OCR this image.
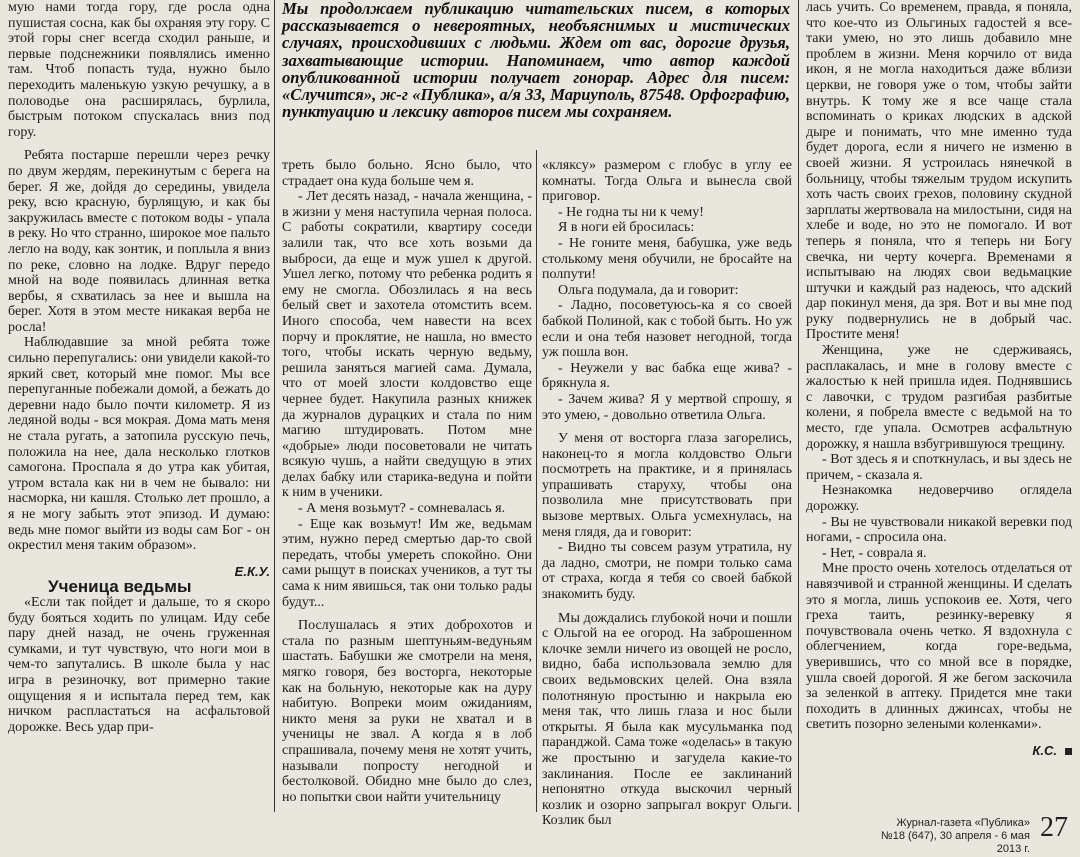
Мы продолжаем публикацию читательских писем, в которых рассказывается о невероятных, необъяснимых и мистических случаях, происходивших с людьми. Ждем от вас, дорогие друзья, захватывающие истории. Напоминаем, что автор каждой опубликованной истории получает гонорар. Адрес для писем: «Случится», ж-г «Публика», а/я 33, Мариуполь, 87548. Орфографию, пунктуацию и лексику авторов писем мы сохраняем.

мую нами тогда гору, где росла одна пушистая сосна, как бы охраняя эту гору. С этой горы снег всегда сходил раньше, и первые подснежники появлялись именно там. Чтоб попасть туда, нужно было переходить маленькую узкую речушку, а в половодье она расширялась, бурлила, быстрым потоком спускалась вниз под гору.

Ребята постарше перешли через речку по двум жердям, перекинутым с берега на берег. Я же, дойдя до середины, увидела реку, всю красную, бурлящую, и как бы закружилась вместе с потоком воды - упала в реку. Но что странно, широкое мое пальто легло на воду, как зонтик, и поплыла я вниз по реке, словно на лодке. Вдруг передо мной на воде появилась длинная ветка вербы, я схватилась за нее и вышла на берег. Хотя в этом месте никакая верба не росла!

Наблюдавшие за мной ребята тоже сильно перепугались: они увидели какой-то яркий свет, который мне помог. Мы все перепуганные побежали домой, а бежать до деревни надо было почти километр. Я из ледяной воды - вся мокрая. Дома мать меня не стала ругать, а затопила русскую печь, положила на нее, дала несколько глотков самогона. Проспала я до утра как убитая, утром встала как ни в чем не бывало: ни насморка, ни кашля. Столько лет прошло, а я не могу забыть этот эпизод. И думаю: ведь мне помог выйти из воды сам Бог - он окрестил меня таким образом».

Е.К.У.

Ученица ведьмы

«Если так пойдет и дальше, то я скоро буду бояться ходить по улицам. Иду себе пару дней назад, не очень груженная сумками, и тут чувствую, что ноги мои в чем-то запутались. В школе была у нас игра в резиночку, вот примерно такие ощущения я и испытала перед тем, как ничком распластаться на асфальтовой дорожке. Весь удар при-

треть было больно. Ясно было, что страдает она куда больше чем я.

- Лет десять назад, - начала женщина, - в жизни у меня наступила черная полоса. С работы сократили, квартиру соседи залили так, что все хоть возьми да выброси, да еще и муж ушел к другой. Ушел легко, потому что ребенка родить я ему не смогла. Обозлилась я на весь белый свет и захотела отомстить всем. Иного способа, чем навести на всех порчу и проклятие, не нашла, но вместо того, чтобы искать черную ведьму, решила заняться магией сама. Думала, что от моей злости колдовство еще чернее будет. Накупила разных книжек да журналов дурацких и стала по ним магию штудировать. Потом мне «добрые» люди посоветовали не читать всякую чушь, а найти сведущую в этих делах бабку или старика-ведуна и пойти к ним в ученики.

- А меня возьмут? - сомневалась я.

- Еще как возьмут! Им же, ведьмам этим, нужно перед смертью дар-то свой передать, чтобы умереть спокойно. Они сами рыщут в поисках учеников, а тут ты сама к ним явишься, так они только рады будут...

Послушалась я этих доброхотов и стала по разным шептуньям-ведуньям шастать. Бабушки же смотрели на меня, мягко говоря, без восторга, некоторые как на больную, некоторые как на дуру набитую. Вопреки моим ожиданиям, никто меня за руки не хватал и в ученицы не звал. А когда я в лоб спрашивала, почему меня не хотят учить, называли попросту негодной и бестолковой. Обидно мне было до слез, но попытки свои найти учительницу

«кляксу» размером с глобус в углу ее комнаты. Тогда Ольга и вынесла свой приговор.

- Не годна ты ни к чему!

Я в ноги ей бросилась:

- Не гоните меня, бабушка, уже ведь столькому меня обучили, не бросайте на полпути!

Ольга подумала, да и говорит:

- Ладно, посоветуюсь-ка я со своей бабкой Полиной, как с тобой быть. Но уж если и она тебя назовет негодной, тогда уж пошла вон.

- Неужели у вас бабка еще жива? - брякнула я.

- Зачем жива? Я у мертвой спрошу, я это умею, - довольно ответила Ольга.

У меня от восторга глаза загорелись, наконец-то я могла колдовство Ольги посмотреть на практике, и я принялась упрашивать старуху, чтобы она позволила мне присутствовать при вызове мертвых. Ольга усмехнулась, на меня глядя, да и говорит:

- Видно ты совсем разум утратила, ну да ладно, смотри, не помри только сама от страха, когда я тебя со своей бабкой знакомить буду.

Мы дождались глубокой ночи и пошли с Ольгой на ее огород. На заброшенном клочке земли ничего из овощей не росло, видно, баба использовала землю для своих ведьмовских целей. Она взяла полотняную простыню и накрыла ею меня так, что лишь глаза и нос были открыты. Я была как мусульманка под паранджой. Сама тоже «оделась» в такую же простыню и загудела какие-то заклинания. После ее заклинаний непонятно откуда выскочил черный козлик и озорно запрыгал вокруг Ольги. Козлик был

лась учить. Со временем, правда, я поняла, что кое-что из Ольгиных гадостей я все-таки умею, но это лишь добавило мне проблем в жизни. Меня корчило от вида икон, я не могла находиться даже вблизи церкви, не говоря уже о том, чтобы зайти внутрь. К тому же я все чаще стала вспоминать о криках людских в адской дыре и понимать, что мне именно туда будет дорога, если я ничего не изменю в своей жизни. Я устроилась нянечкой в больницу, чтобы тяжелым трудом искупить хоть часть своих грехов, половину скудной зарплаты жертвовала на милостыни, сидя на хлебе и воде, но это не помогало. И вот теперь я поняла, что я теперь ни Богу свечка, ни черту кочерга. Временами я испытываю на людях свои ведьмацкие штучки и каждый раз надеюсь, что адский дар покинул меня, да зря. Вот и вы мне под руку подвернулись не в добрый час. Простите меня!

Женщина, уже не сдерживаясь, расплакалась, и мне в голову вместе с жалостью к ней пришла идея. Поднявшись с лавочки, с трудом разгибая разбитые колени, я побрела вместе с ведьмой на то место, где упала. Осмотрев асфальтную дорожку, я нашла взбугрившуюся трещину.

- Вот здесь я и споткнулась, и вы здесь не причем, - сказала я.

Незнакомка недоверчиво огляделa дорожку.

- Вы не чувствовали никакой веревки под ногами, - спросила она.

- Нет, - соврала я.

Мне просто очень хотелось отделаться от навязчивой и странной женщины. И сделать это я могла, лишь успокоив ее. Хотя, чего греха таить, резинку-веревку я почувствовала очень четко. Я вздохнула с облегчением, когда горе-ведьма, уверившись, что со мной все в порядке, ушла своей дорогой. Я же бегом заскочила за зеленкой в аптеку. Придется мне таки походить в длинных джинсах, чтобы не светить позорно зелеными коленками».

К.С.
Журнал-газета «Публика»
№18 (647), 30 апреля - 6 мая 2013 г.
27
